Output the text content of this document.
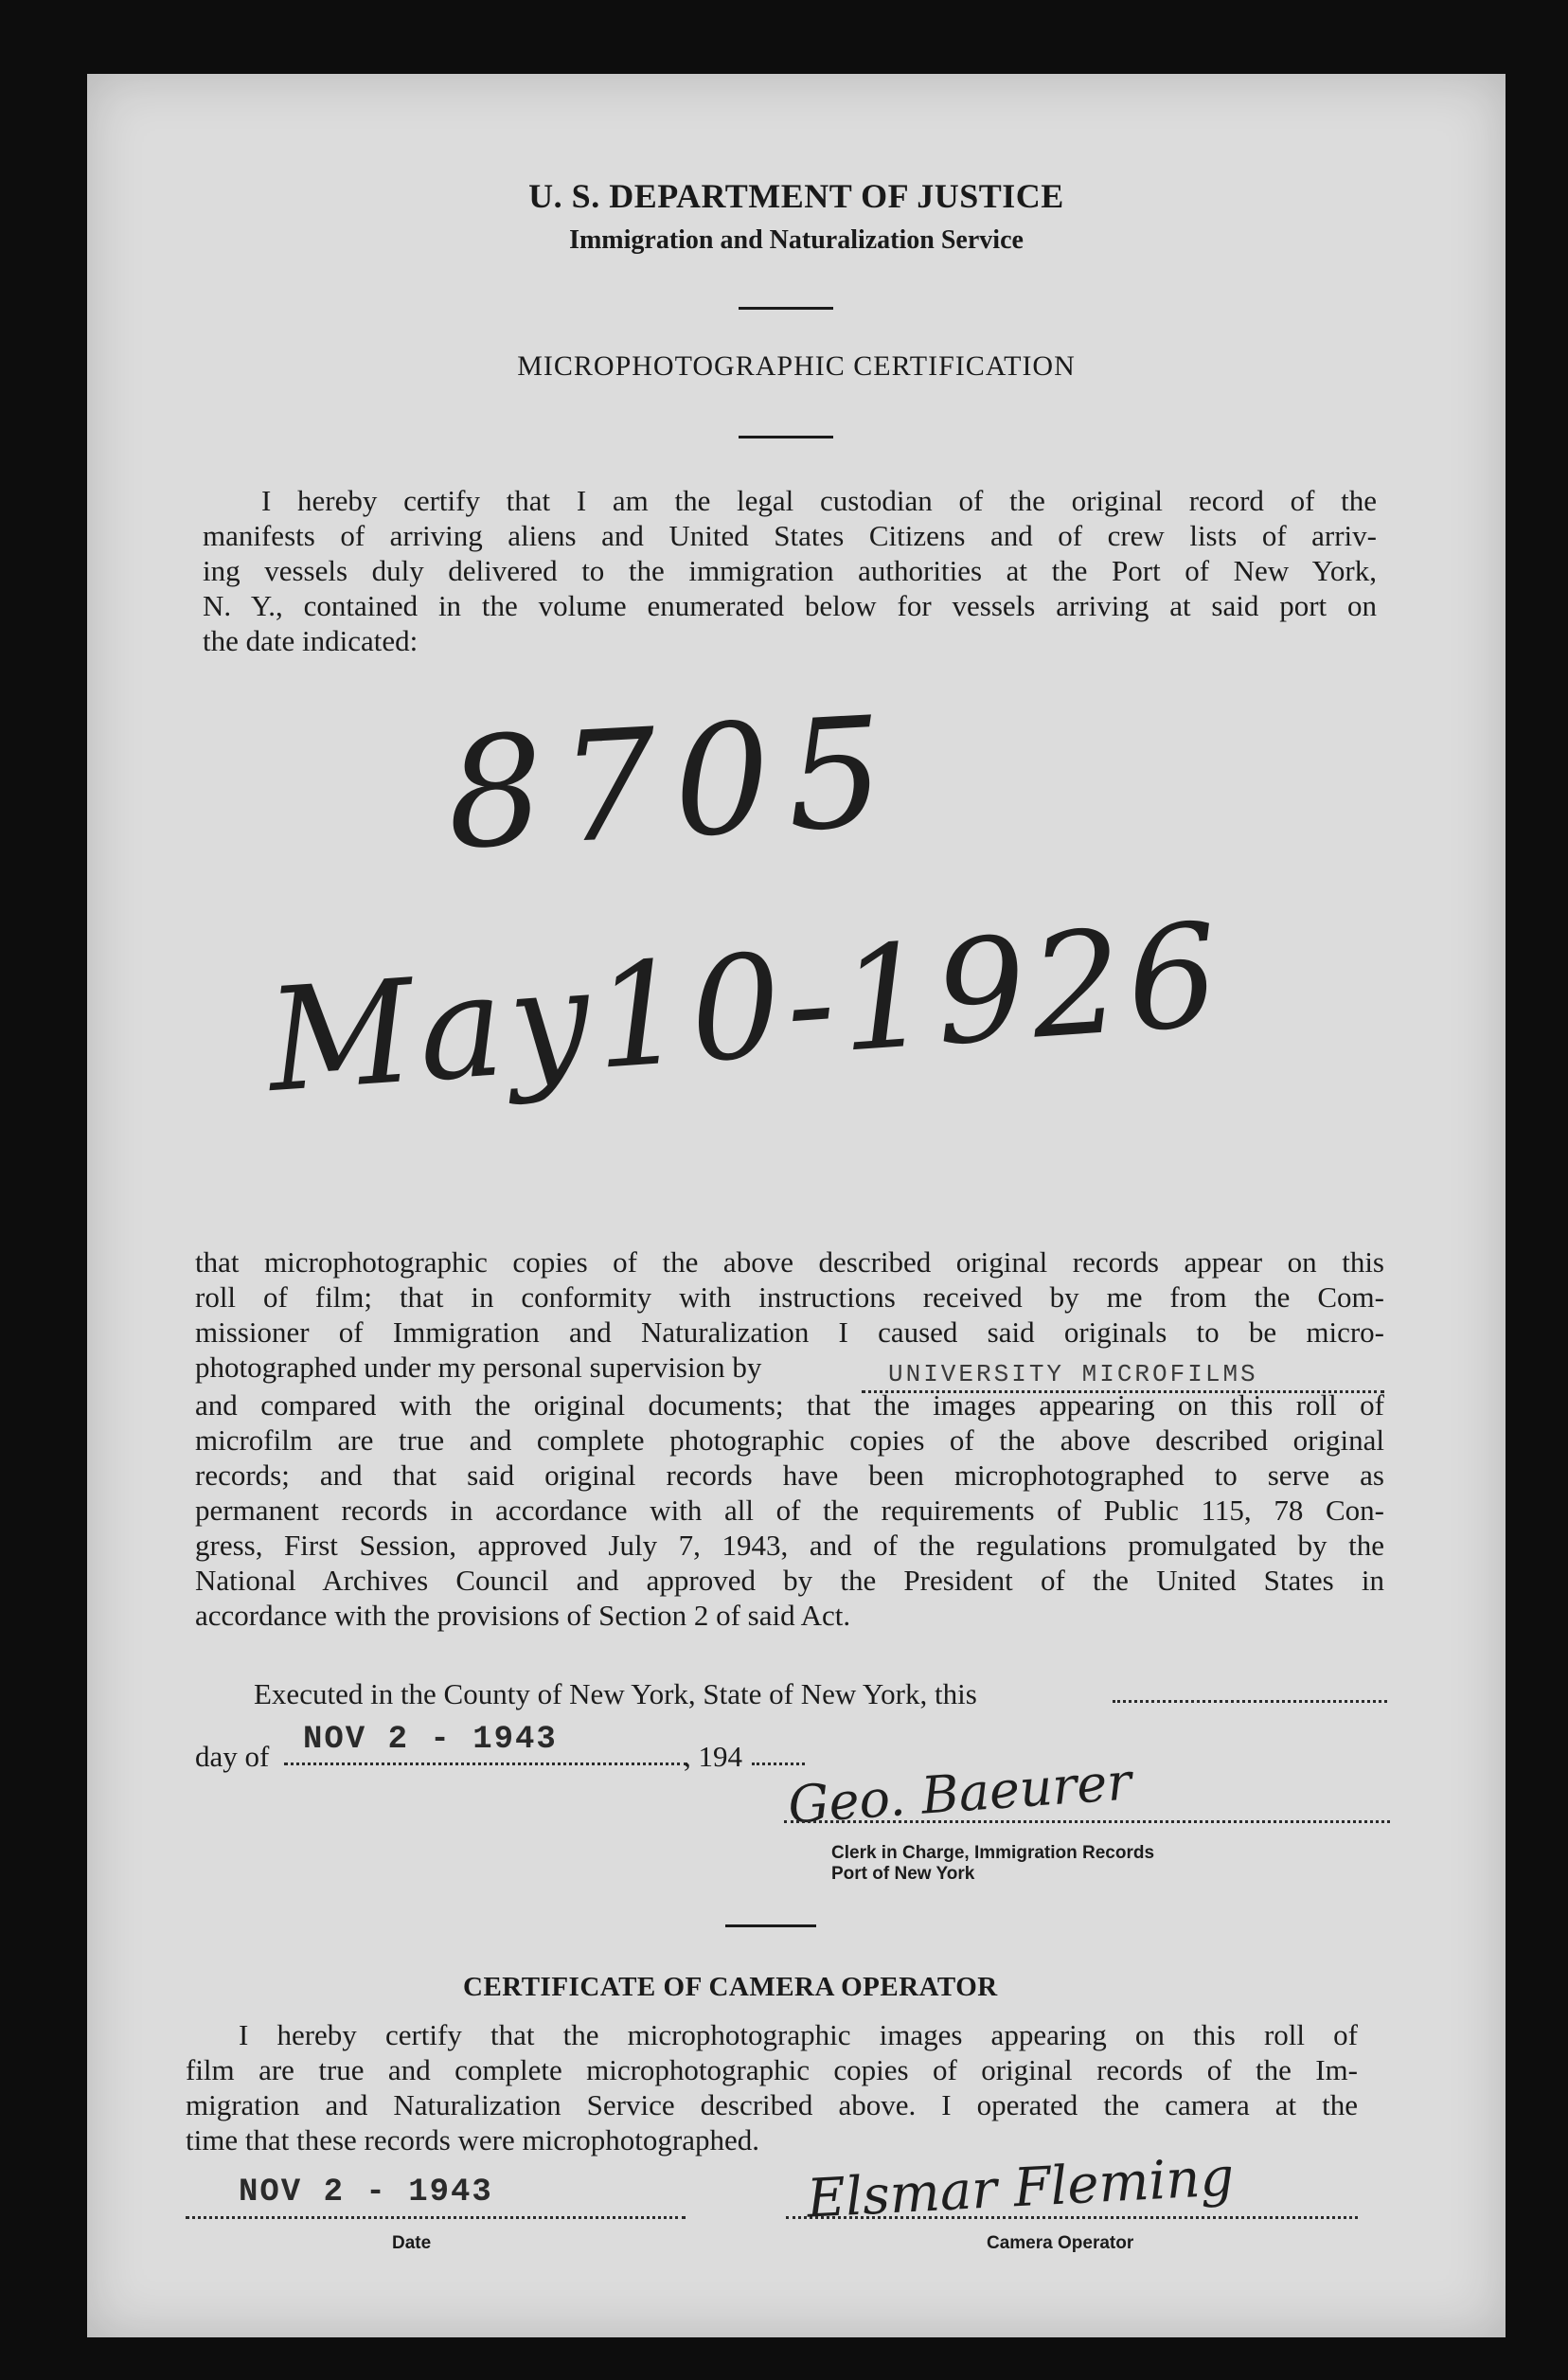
U. S. DEPARTMENT OF JUSTICE
Immigration and Naturalization Service
MICROPHOTOGRAPHIC CERTIFICATION
I hereby certify that I am the legal custodian of the original record of the
manifests of arriving aliens and United States Citizens and of crew lists of arriv-
ing vessels duly delivered to the immigration authorities at the Port of New York,
N. Y., contained in the volume enumerated below for vessels arriving at said port on
the date indicated:
8705
May10-1926
that microphotographic copies of the above described original records appear on this
roll of film; that in conformity with instructions received by me from the Com-
missioner of Immigration and Naturalization I caused said originals to be micro-
photographed under my personal supervision by
and compared with the original documents; that the images appearing on this roll of
microfilm are true and complete photographic copies of the above described original
records; and that said original records have been microphotographed to serve as
permanent records in accordance with all of the requirements of Public 115, 78 Con-
gress, First Session, approved July 7, 1943, and of the regulations promulgated by the
National Archives Council and approved by the President of the United States in
accordance with the provisions of Section 2 of said Act.
UNIVERSITY MICROFILMS
Executed in the County of New York, State of New York, this
day of NOV 2 - 1943	, 194 Geo. Baeurer
Clerk in Charge, Immigration Records
Port of New York
CERTIFICATE OF CAMERA OPERATOR
I hereby certify that the microphotographic images appearing on this roll of
film are true and complete microphotographic copies of original records of the Im-
migration and Naturalization Service described above. I operated the camera at the
time that these records were microphotographed.
NOV 2 - 1943
Date
Elsmar Fleming
Camera Operator
